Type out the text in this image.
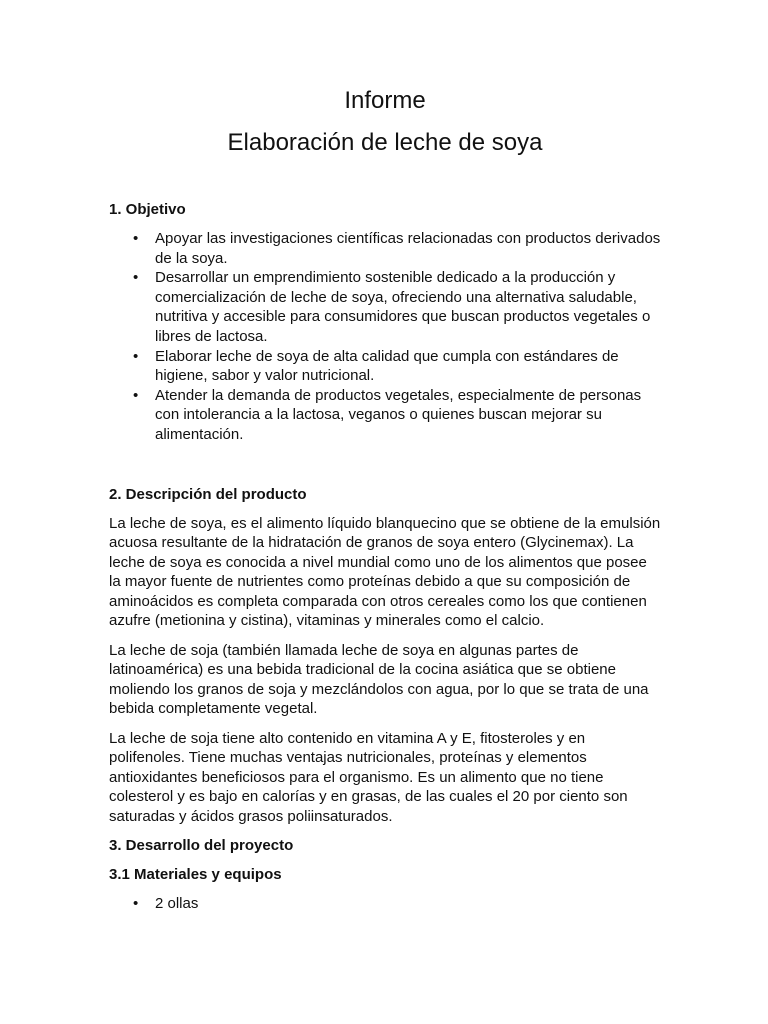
Informe
Elaboración de leche de soya
1. Objetivo
• Apoyar las investigaciones científicas relacionadas con productos derivados de la soya.
• Desarrollar un emprendimiento sostenible dedicado a la producción y comercialización de leche de soya, ofreciendo una alternativa saludable, nutritiva y accesible para consumidores que buscan productos vegetales o libres de lactosa.
• Elaborar leche de soya de alta calidad que cumpla con estándares de higiene, sabor y valor nutricional.
• Atender la demanda de productos vegetales, especialmente de personas con intolerancia a la lactosa, veganos o quienes buscan mejorar su alimentación.
2. Descripción del producto

La leche de soya, es el alimento líquido blanquecino que se obtiene de la emulsión acuosa resultante de la hidratación de granos de soya entero (Glycinemax). La leche de soya es conocida a nivel mundial como uno de los alimentos que posee la mayor fuente de nutrientes como proteínas debido a que su composición de aminoácidos es completa comparada con otros cereales como los que contienen azufre (metionina y cistina), vitaminas y minerales como el calcio.

La leche de soja (también llamada leche de soya en algunas partes de latinoamérica) es una bebida tradicional de la cocina asiática que se obtiene moliendo los granos de soja y mezclándolos con agua, por lo que se trata de una bebida completamente vegetal.

La leche de soja tiene alto contenido en vitamina A y E, fitosteroles y en polifenoles. Tiene muchas ventajas nutricionales, proteínas y elementos antioxidantes beneficiosos para el organismo. Es un alimento que no tiene colesterol y es bajo en calorías y en grasas, de las cuales el 20 por ciento son saturadas y ácidos grasos poliinsaturados.

3. Desarrollo del proyecto
3.1 Materiales y equipos
• 2 ollas
